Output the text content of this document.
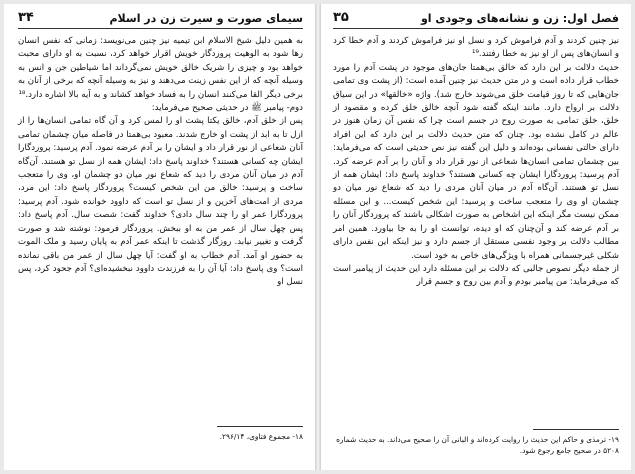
سیمای صورت و سیرت زن در اسلام
۳۴

به همین دلیل شیخ الاسلام ابن تیمیه نیز چنین می‌نویسد: زمانی که نفس انسان رها شود به الوهیت پروردگار خویش اقرار خواهد کرد، نسبت به او دارای محبت خواهد بود و چیزی را شریک خالق خویش نمی‌گرداند اما شیاطین جن و انس به وسیله آنچه که از این نفس زینت می‌دهند و نیز به وسیله آنچه که برخی از آنان به برخی دیگر القا می‌کنند انسان را به فساد خواهد کشاند و به آیه بالا اشاره دارد.¹⁸

دوم- پیامبر ﷺ در حدیثی صحیح می‌فرماید:

پس از خلق آدم، خالق یکتا پشت او را لمس کرد و آن گاه تمامی انسان‌ها را از ازل تا به ابد از پشت او خارج شدند. معبود بی‌همتا در فاصله میان چشمان تمامی آنان شعاعی از نور قرار داد و ایشان را بر آدم عرضه نمود. آدم پرسید: پروردگارا ایشان چه کسانی هستند؟ خداوند پاسخ داد: ایشان همه از نسل تو هستند. آن‌گاه آدم در میان آنان مردی را دید که شعاع نور میان دو چشمان او، وی را متعجب ساخت و پرسید: خالق من این شخص کیست؟ پروردگار پاسخ داد: این مرد، مردی از امت‌های آخرین و از نسل تو است که داوود خوانده شود. آدم پرسید: پروردگارا عمر او را چند سال دادی؟ خداوند گفت: شصت سال. آدم پاسخ داد: پس چهل سال از عمر من به او ببخش. پروردگار فرمود: نوشته شد و صورت گرفت و تغییر نیابد. روزگار گذشت تا اینکه عمر آدم به پایان رسید و ملک الموت به حضور او آمد. آدم خطاب به او گفت: آیا چهل سال از عمر من باقی نمانده است؟ وی پاسخ داد: آیا آن را به فرزندت داوود نبخشیده‌ای؟ آدم جحود کرد، پس نسل او

۱۸- مجموع فتاوی، ۲۹۶/۱۴.
فصل اول: زن و نشانه‌های وجودی او
۳۵

نیز چنین کردند و آدم فراموش کرد و نسل او نیز فراموش کردند و آدم خطا کرد و انسان‌های پس از او نیز به خطا رفتند.¹⁹

حدیث دلالت بر این دارد که خالق بی‌همتا جان‌های موجود در پشت آدم را مورد خطاب قرار داده است و در متن حدیث نیز چنین آمده است: (از پشت وی تمامی جان‌هایی که تا روز قیامت خلق می‌شوند خارج شد). واژه «خالقها» در این سیاق دلالت بر ارواح دارد. مانند اینکه گفته شود آنچه خالق خلق کرده و مقصود از خلق، خلق تمامی به صورت روح در جسم است چرا که نفس آن زمان هنوز در عالم در کامل نشده بود. چنان که متن حدیث دلالت بر این دارد که این افراد دارای حالتی نفسانی بوده‌اند و دلیل این گفته نیز نص حدیثی است که می‌فرماید: بین چشمان تمامی انسان‌ها شعاعی از نور قرار داد و آنان را بر آدم عرضه کرد. آدم پرسید: پروردگارا ایشان چه کسانی هستند؟ خداوند پاسخ داد: ایشان همه از نسل تو هستند. آن‌گاه آدم در میان آنان مردی را دید که شعاع نور میان دو چشمان او وی را متعجب ساخت و پرسید: این شخص کیست... و این مسئله ممکن نیست مگر اینکه این اشخاص به صورت اشکالی باشند که پروردگار آنان را بر آدم عرضه کند و آن‌چنان که او دیده، توانست او را به جا بیاورد. همین امر مطالب دلالت بر وجود نفسی مستقل از جسم دارد و نیز اینکه این نفس دارای شکلی غیرجسمانی همراه با ویژگی‌های خاص به خود است.

از جمله دیگر نصوص جالبی که دلالت بر این مسئله دارد این حدیث از پیامبر است که می‌فرماید: من پیامبر بودم و آدم بین روح و جسم قرار

۱۹- ترمذی و حاکم این حدیث را روایت کرده‌اند و البانی آن را صحیح می‌داند. به حدیث شماره ۵۲۰۸ در صحیح جامع رجوع شود.
